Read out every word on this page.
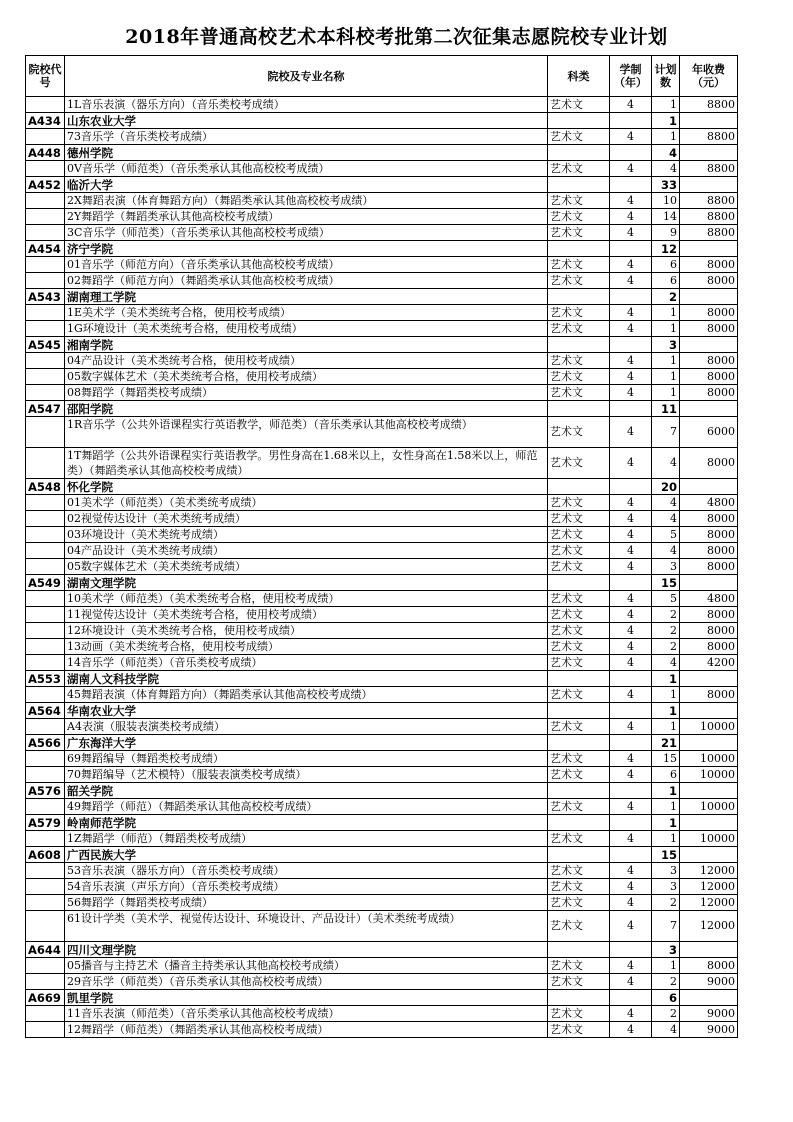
2018年普通高校艺术本科校考批第二次征集志愿院校专业计划
院校代号	院校及专业名称	科类	学制（年）	计划数	年收费（元）
	1L音乐表演（器乐方向）（音乐类校考成绩）	艺术文	4	1	8800
A434	山东农业大学			1	
	73音乐学（音乐类校考成绩）	艺术文	4	1	8800
A448	德州学院			4	
	0V音乐学（师范类）（音乐类承认其他高校校考成绩）	艺术文	4	4	8800
A452	临沂大学			33	
	2X舞蹈表演（体育舞蹈方向）（舞蹈类承认其他高校校考成绩）	艺术文	4	10	8800
	2Y舞蹈学（舞蹈类承认其他高校校考成绩）	艺术文	4	14	8800
	3C音乐学（师范类）（音乐类承认其他高校校考成绩）	艺术文	4	9	8800
A454	济宁学院			12	
	01音乐学（师范方向）（音乐类承认其他高校校考成绩）	艺术文	4	6	8000
	02舞蹈学（师范方向）（舞蹈类承认其他高校校考成绩）	艺术文	4	6	8000
A543	湖南理工学院			2	
	1E美术学（美术类统考合格，使用校考成绩）	艺术文	4	1	8000
	1G环境设计（美术类统考合格，使用校考成绩）	艺术文	4	1	8000
A545	湘南学院			3	
	04产品设计（美术类统考合格，使用校考成绩）	艺术文	4	1	8000
	05数字媒体艺术（美术类统考合格，使用校考成绩）	艺术文	4	1	8000
	08舞蹈学（舞蹈类校考成绩）	艺术文	4	1	8000
A547	邵阳学院			11	
	1R音乐学（公共外语课程实行英语教学，师范类）（音乐类承认其他高校校考成绩）	艺术文	4	7	6000
	1T舞蹈学（公共外语课程实行英语教学。男性身高在1.68米以上，女性身高在1.58米以上，师范类）（舞蹈类承认其他高校校考成绩）	艺术文	4	4	8000
A548	怀化学院			20	
	01美术学（师范类）（美术类统考成绩）	艺术文	4	4	4800
	02视觉传达设计（美术类统考成绩）	艺术文	4	4	8000
	03环境设计（美术类统考成绩）	艺术文	4	5	8000
	04产品设计（美术类统考成绩）	艺术文	4	4	8000
	05数字媒体艺术（美术类统考成绩）	艺术文	4	3	8000
A549	湖南文理学院			15	
	10美术学（师范类）（美术类统考合格，使用校考成绩）	艺术文	4	5	4800
	11视觉传达设计（美术类统考合格，使用校考成绩）	艺术文	4	2	8000
	12环境设计（美术类统考合格，使用校考成绩）	艺术文	4	2	8000
	13动画（美术类统考合格，使用校考成绩）	艺术文	4	2	8000
	14音乐学（师范类）（音乐类校考成绩）	艺术文	4	4	4200
A553	湖南人文科技学院			1	
	45舞蹈表演（体育舞蹈方向）（舞蹈类承认其他高校校考成绩）	艺术文	4	1	8000
A564	华南农业大学			1	
	A4表演（服装表演类校考成绩）	艺术文	4	1	10000
A566	广东海洋大学			21	
	69舞蹈编导（舞蹈类校考成绩）	艺术文	4	15	10000
	70舞蹈编导（艺术模特）（服装表演类校考成绩）	艺术文	4	6	10000
A576	韶关学院			1	
	49舞蹈学（师范）（舞蹈类承认其他高校校考成绩）	艺术文	4	1	10000
A579	岭南师范学院			1	
	1Z舞蹈学（师范）（舞蹈类校考成绩）	艺术文	4	1	10000
A608	广西民族大学			15	
	53音乐表演（器乐方向）（音乐类校考成绩）	艺术文	4	3	12000
	54音乐表演（声乐方向）（音乐类校考成绩）	艺术文	4	3	12000
	56舞蹈学（舞蹈类校考成绩）	艺术文	4	2	12000
	61设计学类（美术学、视觉传达设计、环境设计、产品设计）（美术类统考成绩）	艺术文	4	7	12000
A644	四川文理学院			3	
	05播音与主持艺术（播音主持类承认其他高校校考成绩）	艺术文	4	1	8000
	29音乐学（师范类）（音乐类承认其他高校校考成绩）	艺术文	4	2	9000
A669	凯里学院			6	
	11音乐表演（师范类）（音乐类承认其他高校校考成绩）	艺术文	4	2	9000
	12舞蹈学（师范类）（舞蹈类承认其他高校校考成绩）	艺术文	4	4	9000
